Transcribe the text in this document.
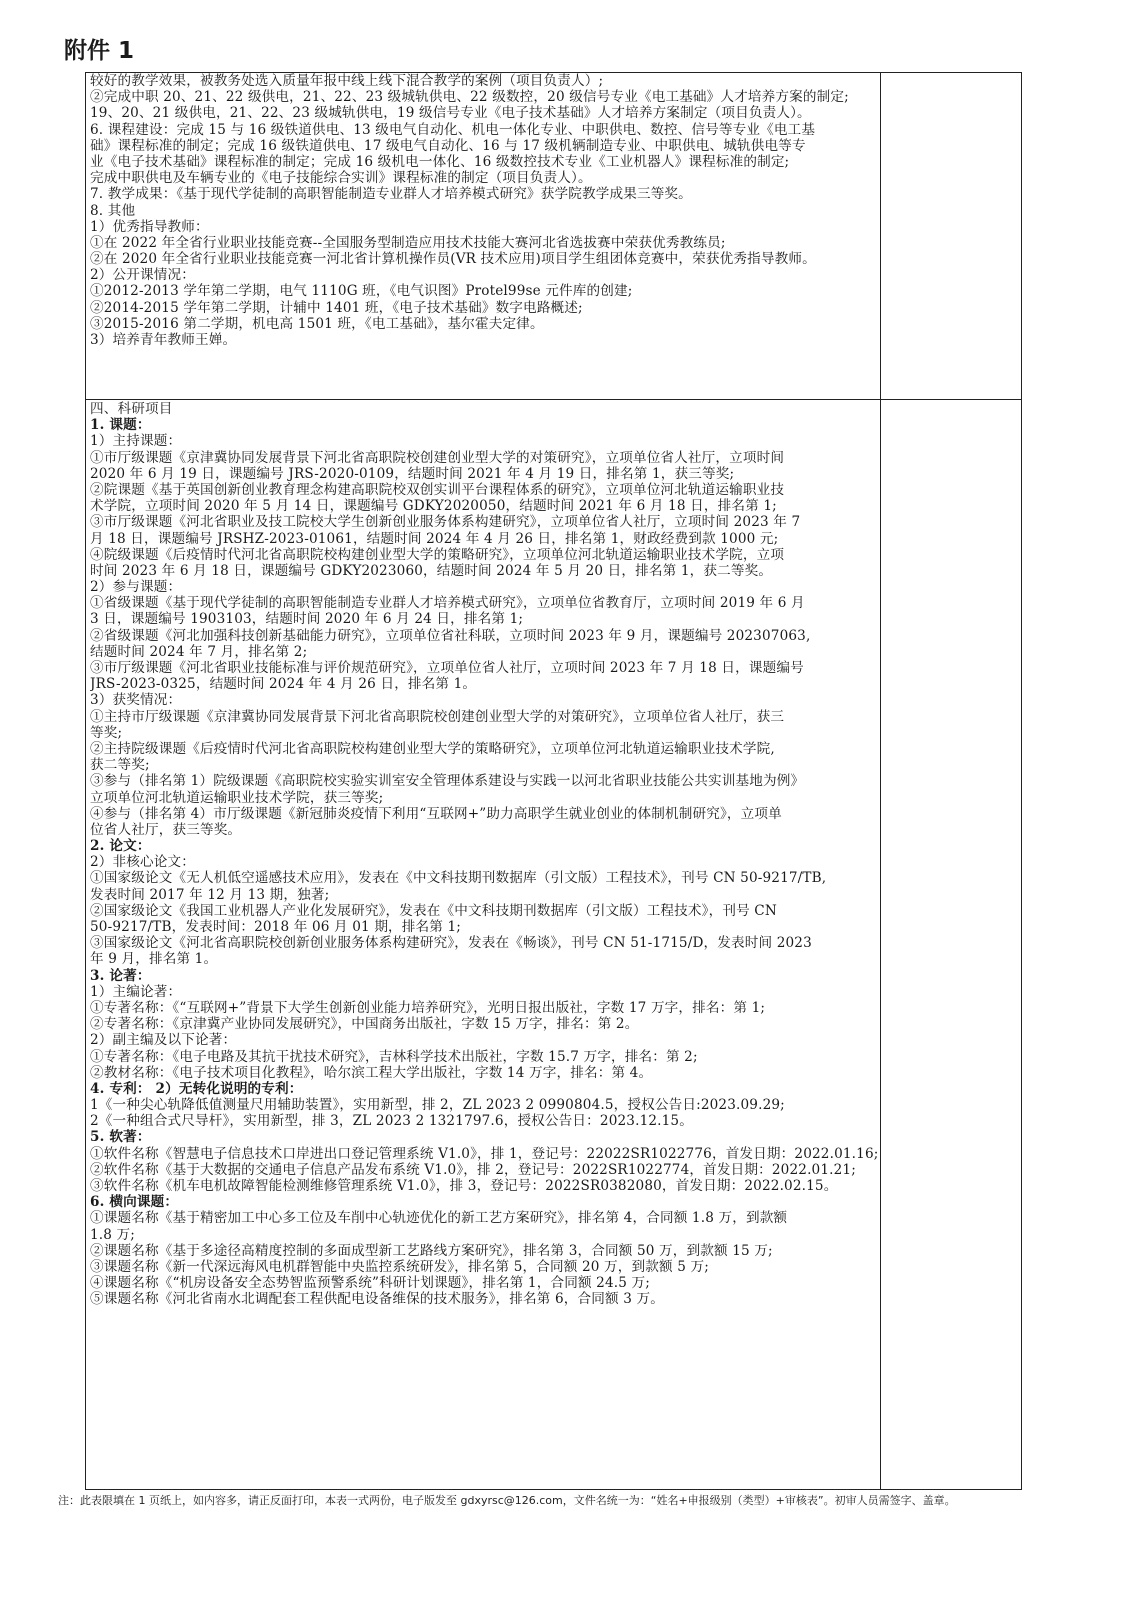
附件 1
较好的教学效果，被教务处选入质量年报中线上线下混合教学的案例（项目负责人）;
②完成中职 20、21、22 级供电，21、22、23 级城轨供电、22 级数控，20 级信号专业《电工基础》人才培养方案的制定;
19、20、21 级供电，21、22、23 级城轨供电，19 级信号专业《电子技术基础》人才培养方案制定（项目负责人）。
6. 课程建设：完成 15 与 16 级铁道供电、13 级电气自动化、机电一体化专业、中职供电、数控、信号等专业《电工基
础》课程标准的制定；完成 16 级铁道供电、17 级电气自动化、16 与 17 级机辆制造专业、中职供电、城轨供电等专
业《电子技术基础》课程标准的制定；完成 16 级机电一体化、16 级数控技术专业《工业机器人》课程标准的制定;
完成中职供电及车辆专业的《电子技能综合实训》课程标准的制定（项目负责人）。
7. 教学成果：《基于现代学徒制的高职智能制造专业群人才培养模式研究》获学院教学成果三等奖。
8. 其他
1）优秀指导教师：
①在 2022 年全省行业职业技能竞赛--全国服务型制造应用技术技能大赛河北省选拔赛中荣获优秀教练员;
②在 2020 年全省行业职业技能竞赛一河北省计算机操作员(VR 技术应用)项目学生组团体竞赛中，荣获优秀指导教师。
2）公开课情况：
①2012-2013 学年第二学期，电气 1110G 班，《电气识图》Protel99se 元件库的创建;
②2014-2015 学年第二学期，计辅中 1401 班，《电子技术基础》数字电路概述;
③2015-2016 第二学期，机电高 1501 班，《电工基础》，基尔霍夫定律。
3）培养青年教师王婵。
四、科研项目
1. 课题：
1）主持课题：
①市厅级课题《京津冀协同发展背景下河北省高职院校创建创业型大学的对策研究》，立项单位省人社厅，立项时间
2020 年 6 月 19 日，课题编号 JRS-2020-0109，结题时间 2021 年 4 月 19 日，排名第 1，获三等奖;
②院课题《基于英国创新创业教育理念构建高职院校双创实训平台课程体系的研究》，立项单位河北轨道运输职业技
术学院，立项时间 2020 年 5 月 14 日，课题编号 GDKY2020050，结题时间 2021 年 6 月 18 日，排名第 1;
③市厅级课题《河北省职业及技工院校大学生创新创业服务体系构建研究》，立项单位省人社厅，立项时间 2023 年 7
月 18 日，课题编号 JRSHZ-2023-01061，结题时间 2024 年 4 月 26 日，排名第 1，财政经费到款 1000 元;
④院级课题《后疫情时代河北省高职院校构建创业型大学的策略研究》，立项单位河北轨道运输职业技术学院，立项
时间 2023 年 6 月 18 日，课题编号 GDKY2023060，结题时间 2024 年 5 月 20 日，排名第 1，获二等奖。
2）参与课题：
①省级课题《基于现代学徒制的高职智能制造专业群人才培养模式研究》，立项单位省教育厅，立项时间 2019 年 6 月
3 日，课题编号 1903103，结题时间 2020 年 6 月 24 日，排名第 1;
②省级课题《河北加强科技创新基础能力研究》，立项单位省社科联，立项时间 2023 年 9 月，课题编号 202307063,
结题时间 2024 年 7 月，排名第 2;
③市厅级课题《河北省职业技能标准与评价规范研究》，立项单位省人社厅，立项时间 2023 年 7 月 18 日，课题编号
JRS-2023-0325，结题时间 2024 年 4 月 26 日，排名第 1。
3）获奖情况：
①主持市厅级课题《京津冀协同发展背景下河北省高职院校创建创业型大学的对策研究》，立项单位省人社厅，获三
等奖;
②主持院级课题《后疫情时代河北省高职院校构建创业型大学的策略研究》，立项单位河北轨道运输职业技术学院,
获二等奖;
③参与（排名第 1）院级课题《高职院校实验实训室安全管理体系建设与实践一以河北省职业技能公共实训基地为例》
立项单位河北轨道运输职业技术学院，获三等奖;
④参与（排名第 4）市厅级课题《新冠肺炎疫情下利用“互联网+”助力高职学生就业创业的体制机制研究》，立项单
位省人社厅，获三等奖。
2. 论文：
2）非核心论文：
①国家级论文《无人机低空遥感技术应用》，发表在《中文科技期刊数据库（引文版）工程技术》，刊号 CN 50-9217/TB,
发表时间 2017 年 12 月 13 期，独著;
②国家级论文《我国工业机器人产业化发展研究》，发表在《中文科技期刊数据库（引文版）工程技术》，刊号 CN
50-9217/TB，发表时间：2018 年 06 月 01 期，排名第 1;
③国家级论文《河北省高职院校创新创业服务体系构建研究》，发表在《畅谈》，刊号 CN 51-1715/D，发表时间 2023
年 9 月，排名第 1。
3. 论著：
1）主编论著：
①专著名称：《“互联网+”背景下大学生创新创业能力培养研究》，光明日报出版社，字数 17 万字，排名：第 1;
②专著名称：《京津冀产业协同发展研究》，中国商务出版社，字数 15 万字，排名：第 2。
2）副主编及以下论著：
①专著名称：《电子电路及其抗干扰技术研究》，吉林科学技术出版社，字数 15.7 万字，排名：第 2;
②教材名称：《电子技术项目化教程》，哈尔滨工程大学出版社，字数 14 万字，排名：第 4。
4. 专利： 2）无转化说明的专利：
1《一种尖心轨降低值测量尺用辅助装置》，实用新型，排 2，ZL 2023 2 0990804.5，授权公告日:2023.09.29;
2《一种组合式尺导杆》，实用新型，排 3，ZL 2023 2 1321797.6，授权公告日：2023.12.15。
5. 软著：
①软件名称《智慧电子信息技术口岸进出口登记管理系统 V1.0》，排 1，登记号：22022SR1022776，首发日期：2022.01.16;
②软件名称《基于大数据的交通电子信息产品发布系统 V1.0》，排 2，登记号：2022SR1022774，首发日期：2022.01.21;
③软件名称《机车电机故障智能检测维修管理系统 V1.0》，排 3，登记号：2022SR0382080，首发日期：2022.02.15。
6. 横向课题：
①课题名称《基于精密加工中心多工位及车削中心轨迹优化的新工艺方案研究》，排名第 4，合同额 1.8 万，到款额
1.8 万;
②课题名称《基于多途径高精度控制的多面成型新工艺路线方案研究》，排名第 3，合同额 50 万，到款额 15 万;
③课题名称《新一代深远海风电机群智能中央监控系统研发》，排名第 5，合同额 20 万，到款额 5 万;
④课题名称《“机房设备安全态势智监预警系统”科研计划课题》，排名第 1，合同额 24.5 万;
⑤课题名称《河北省南水北调配套工程供配电设备维保的技术服务》，排名第 6，合同额 3 万。
注：此表限填在 1 页纸上，如内容多，请正反面打印，本表一式两份，电子版发至 gdxyrsc@126.com，文件名统一为：“姓名+申报级别（类型）+审核表”。初审人员需签字、盖章。
